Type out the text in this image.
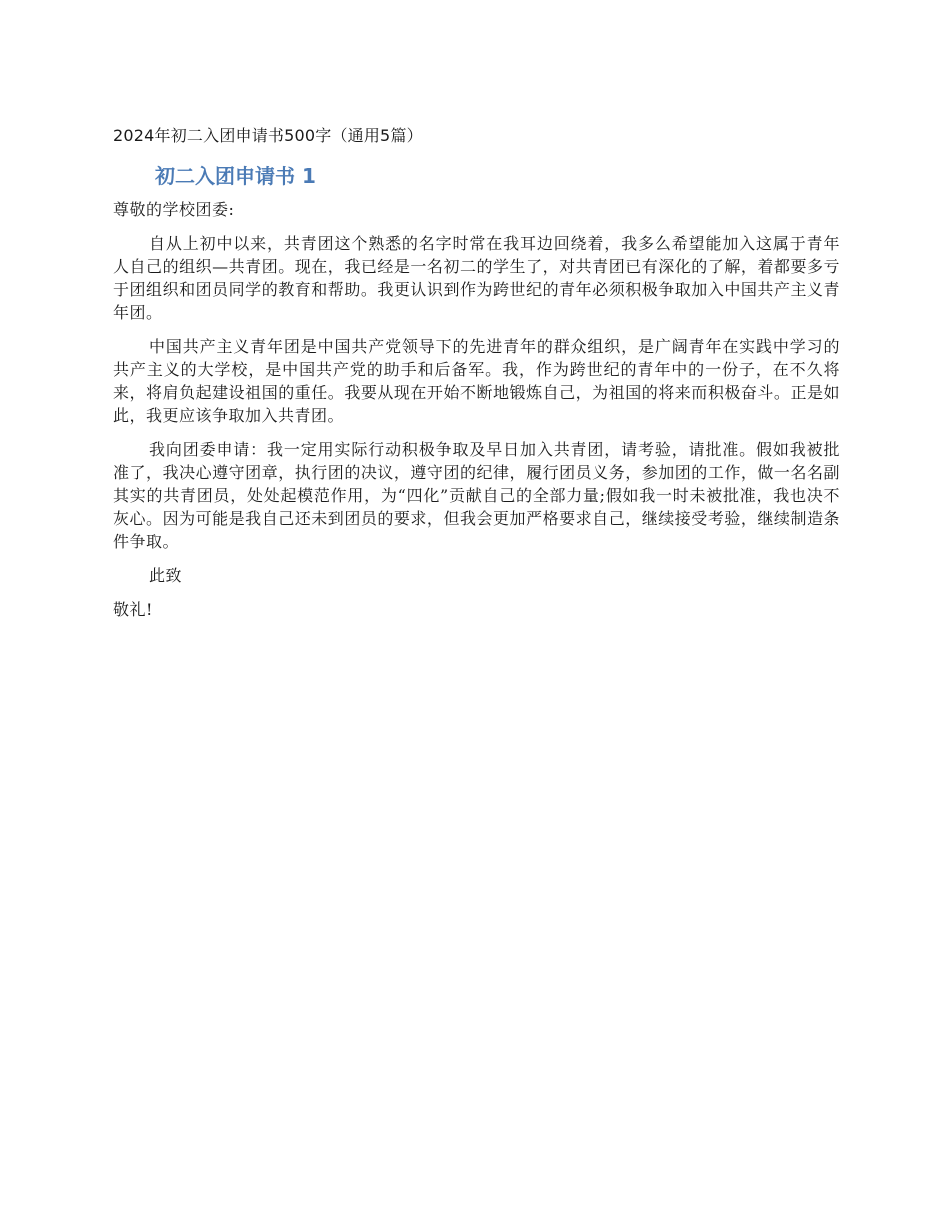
2024年初二入团申请书500字（通用5篇）
初二入团申请书 1

尊敬的学校团委:

自从上初中以来，共青团这个熟悉的名字时常在我耳边回绕着，我多么希望能加入这属于青年人自己的组织—共青团。现在，我已经是一名初二的学生了，对共青团已有深化的了解，着都要多亏于团组织和团员同学的教育和帮助。我更认识到作为跨世纪的青年必须积极争取加入中国共产主义青年团。

中国共产主义青年团是中国共产党领导下的先进青年的群众组织，是广阔青年在实践中学习的共产主义的大学校，是中国共产党的助手和后备军。我，作为跨世纪的青年中的一份子，在不久将来，将肩负起建设祖国的重任。我要从现在开始不断地锻炼自己，为祖国的将来而积极奋斗。正是如此，我更应该争取加入共青团。

我向团委申请：我一定用实际行动积极争取及早日加入共青团，请考验，请批准。假如我被批准了，我决心遵守团章，执行团的决议，遵守团的纪律，履行团员义务，参加团的工作，做一名名副其实的共青团员，处处起模范作用，为“四化”贡献自己的全部力量;假如我一时未被批准，我也决不灰心。因为可能是我自己还未到团员的要求，但我会更加严格要求自己，继续接受考验，继续制造条件争取。

此致

敬礼!
